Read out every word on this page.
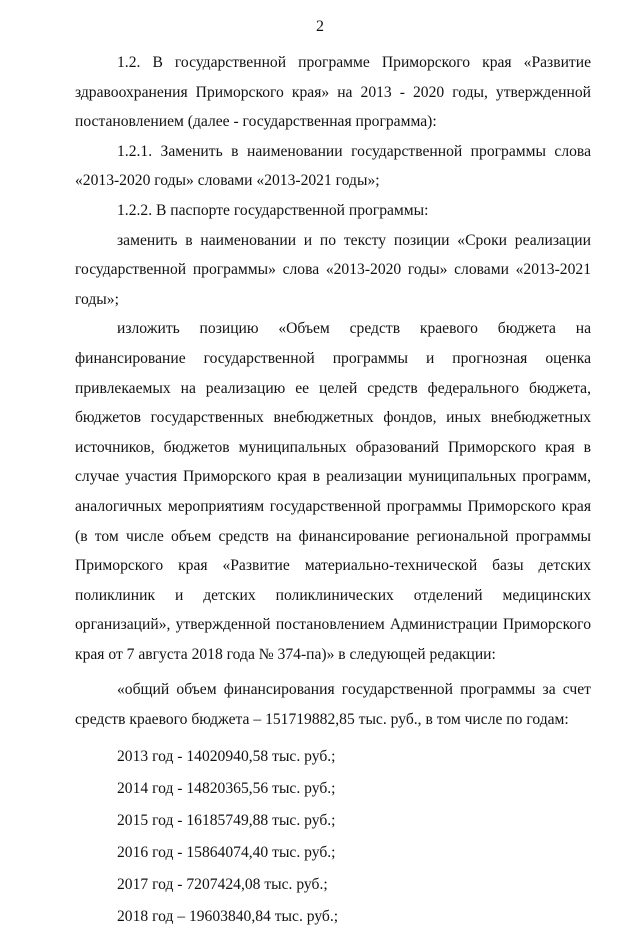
2

1.2. В государственной программе Приморского края «Развитие здравоохранения Приморского края» на 2013 - 2020 годы, утвержденной постановлением (далее - государственная программа):

1.2.1. Заменить в наименовании государственной программы слова «2013-2020 годы» словами «2013-2021 годы»;

1.2.2. В паспорте государственной программы:

заменить в наименовании и по тексту позиции «Сроки реализации государственной программы» слова «2013-2020 годы» словами «2013-2021 годы»;

изложить позицию «Объем средств краевого бюджета на финансирование государственной программы и прогнозная оценка привлекаемых на реализацию ее целей средств федерального бюджета, бюджетов государственных внебюджетных фондов, иных внебюджетных источников, бюджетов муниципальных образований Приморского края в случае участия Приморского края в реализации муниципальных программ, аналогичных мероприятиям государственной программы Приморского края (в том числе объем средств на финансирование региональной программы Приморского края «Развитие материально-технической базы детских поликлиник и детских поликлинических отделений медицинских организаций», утвержденной постановлением Администрации Приморского края от 7 августа 2018 года № 374-па)» в следующей редакции:

«общий объем финансирования государственной программы за счет средств краевого бюджета – 151719882,85 тыс. руб., в том числе по годам:

2013 год - 14020940,58 тыс. руб.;
2014 год - 14820365,56 тыс. руб.;
2015 год - 16185749,88 тыс. руб.;
2016 год - 15864074,40 тыс. руб.;
2017 год - 7207424,08 тыс. руб.;
2018 год – 19603840,84 тыс. руб.;
